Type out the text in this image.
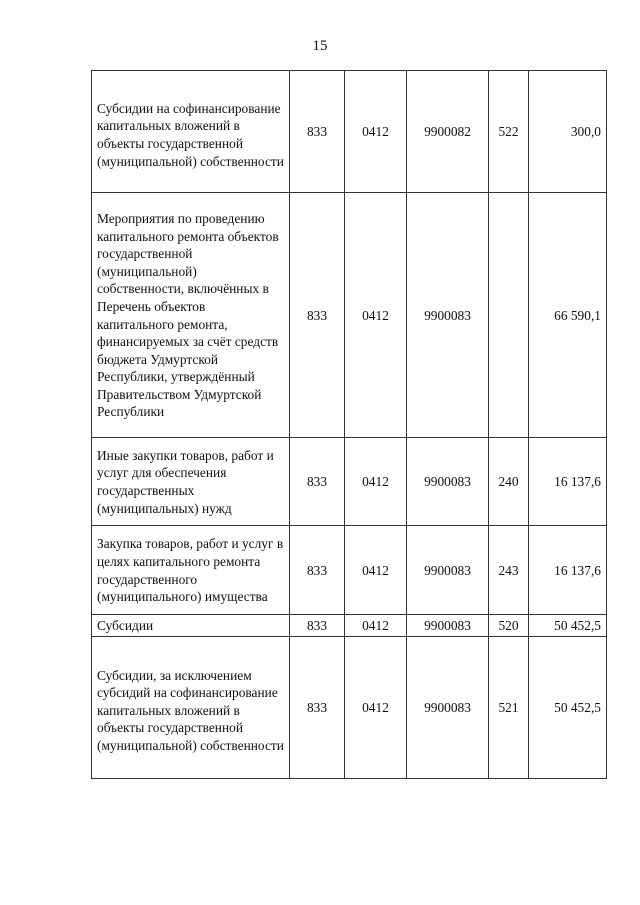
15
Субсидии на софинансирование капитальных вложений в объекты государственной (муниципальной) собственности	833	0412	9900082	522	300,0
Мероприятия по проведению капитального ремонта объектов государственной (муниципальной) собственности, включённых в Перечень объектов капитального ремонта, финансируемых за счёт средств бюджета Удмуртской Республики, утверждённый Правительством Удмуртской Республики	833	0412	9900083		66 590,1
Иные закупки товаров, работ и услуг для обеспечения государственных (муниципальных) нужд	833	0412	9900083	240	16 137,6
Закупка товаров, работ и услуг в целях капитального ремонта государственного (муниципального) имущества	833	0412	9900083	243	16 137,6
Субсидии	833	0412	9900083	520	50 452,5
Субсидии, за исключением субсидий на софинансирование капитальных вложений в объекты государственной (муниципальной) собственности	833	0412	9900083	521	50 452,5
